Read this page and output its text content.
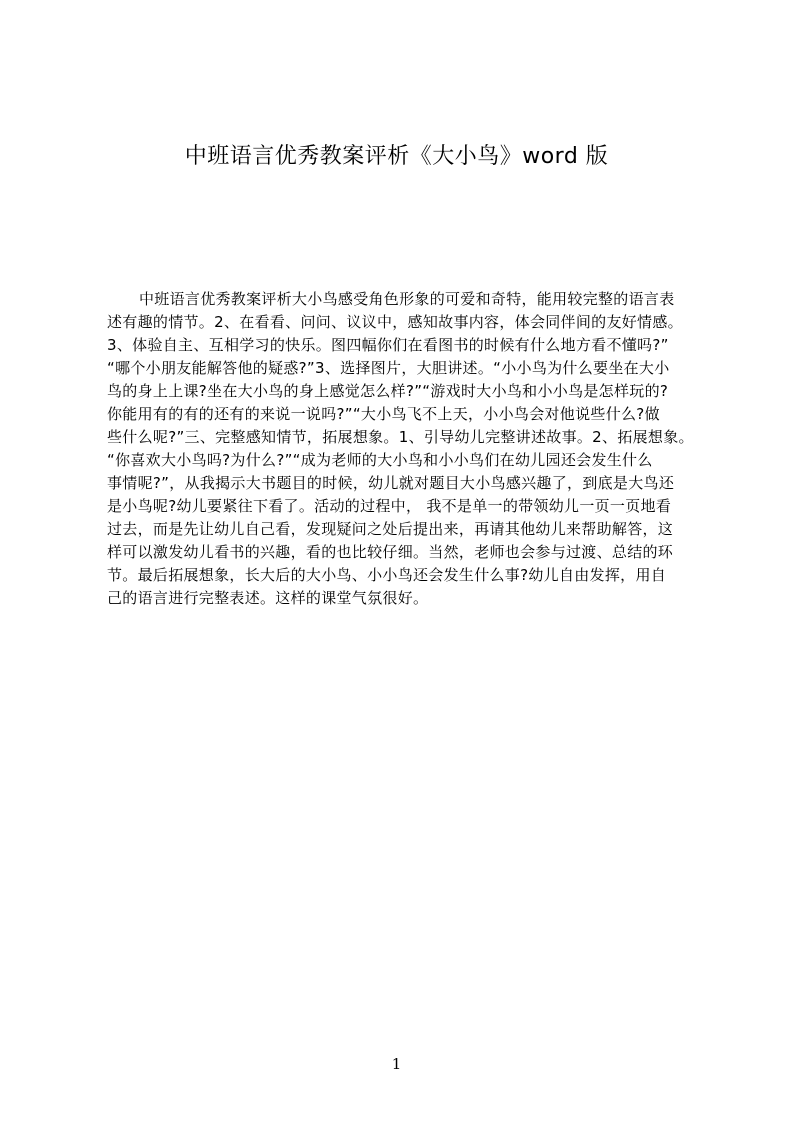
中班语言优秀教案评析《大小鸟》word 版
中班语言优秀教案评析大小鸟感受角色形象的可爱和奇特，能用较完整的语言表
述有趣的情节。2、在看看、问问、议议中，感知故事内容，体会同伴间的友好情感。
3、体验自主、互相学习的快乐。图四幅你们在看图书的时候有什么地方看不懂吗?”
“哪个小朋友能解答他的疑惑?”3、选择图片，大胆讲述。“小小鸟为什么要坐在大小
鸟的身上上课?坐在大小鸟的身上感觉怎么样?”“游戏时大小鸟和小小鸟是怎样玩的?
你能用有的有的还有的来说一说吗?”“大小鸟飞不上天，小小鸟会对他说些什么?做
些什么呢?”三、完整感知情节，拓展想象。1、引导幼儿完整讲述故事。2、拓展想象。
“你喜欢大小鸟吗?为什么?”“成为老师的大小鸟和小小鸟们在幼儿园还会发生什么
事情呢?”，从我揭示大书题目的时候，幼儿就对题目大小鸟感兴趣了，到底是大鸟还
是小鸟呢?幼儿要紧往下看了。活动的过程中， 我不是单一的带领幼儿一页一页地看
过去，而是先让幼儿自己看，发现疑问之处后提出来，再请其他幼儿来帮助解答，这
样可以激发幼儿看书的兴趣，看的也比较仔细。当然，老师也会参与过渡、总结的环
节。最后拓展想象，长大后的大小鸟、小小鸟还会发生什么事?幼儿自由发挥，用自
己的语言进行完整表述。这样的课堂气氛很好。
1
